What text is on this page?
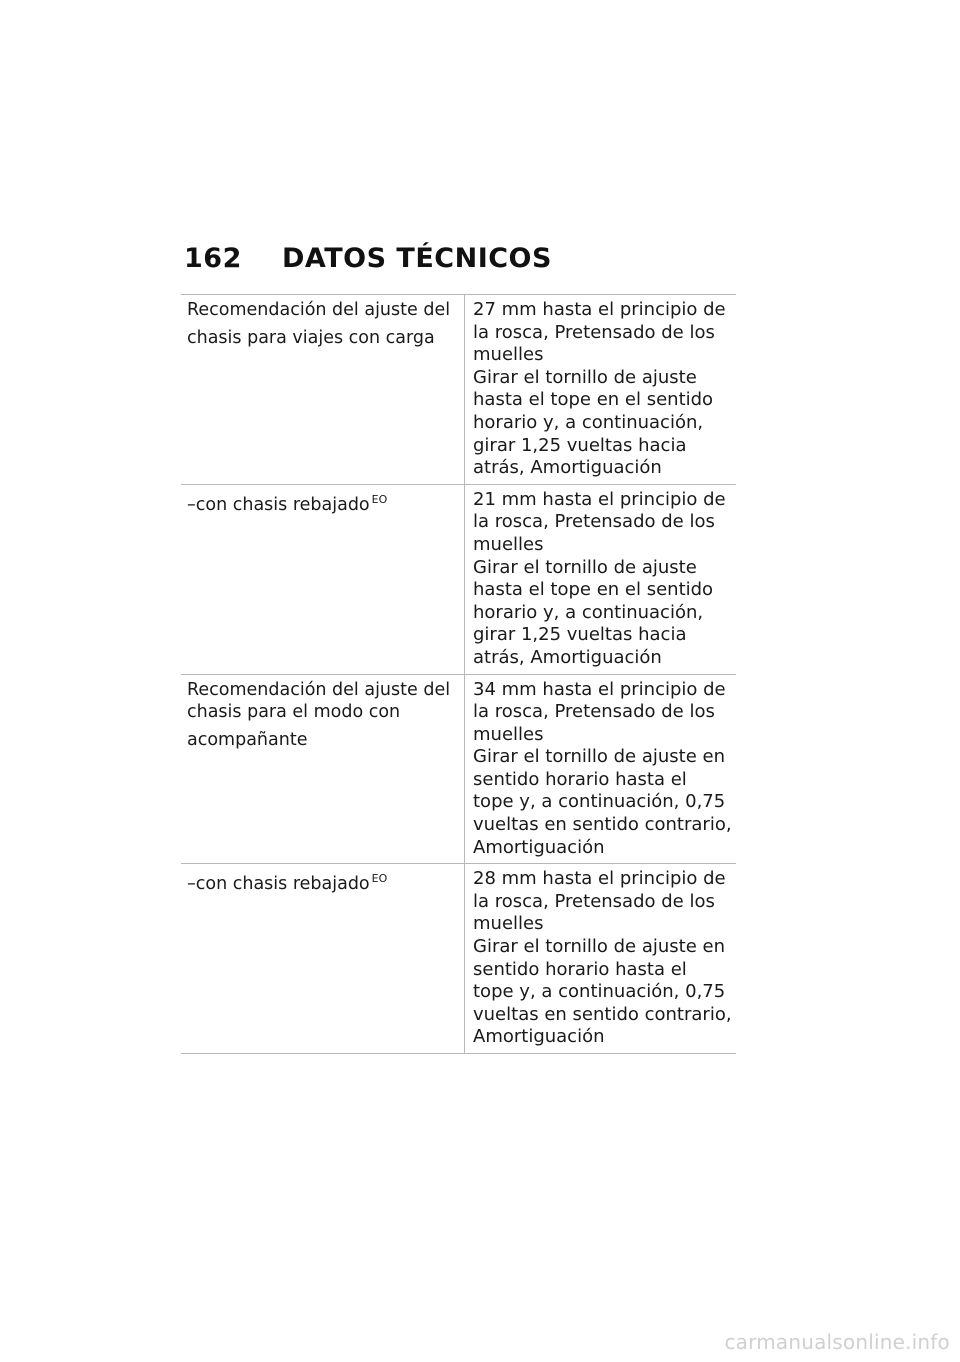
162	DATOS TÉCNICOS
Recomendación del ajuste del chasis para viajes con carga	27 mm hasta el principio de la rosca, Pretensado de los muelles
Girar el tornillo de ajuste hasta el tope en el sentido horario y, a continuación, girar 1,25 vueltas hacia atrás, Amortiguación

–con chasis rebajado $^{EO}$	21 mm hasta el principio de la rosca, Pretensado de los muelles
Girar el tornillo de ajuste hasta el tope en el sentido horario y, a continuación, girar 1,25 vueltas hacia atrás, Amortiguación

Recomendación del ajuste del chasis para el modo con acompañante	34 mm hasta el principio de la rosca, Pretensado de los muelles
Girar el tornillo de ajuste en sentido horario hasta el tope y, a continuación, 0,75 vueltas en sentido contrario, Amortiguación

–con chasis rebajado $^{EO}$	28 mm hasta el principio de la rosca, Pretensado de los muelles
Girar el tornillo de ajuste en sentido horario hasta el tope y, a continuación, 0,75 vueltas en sentido contrario, Amortiguación
carmanualsonline.info
